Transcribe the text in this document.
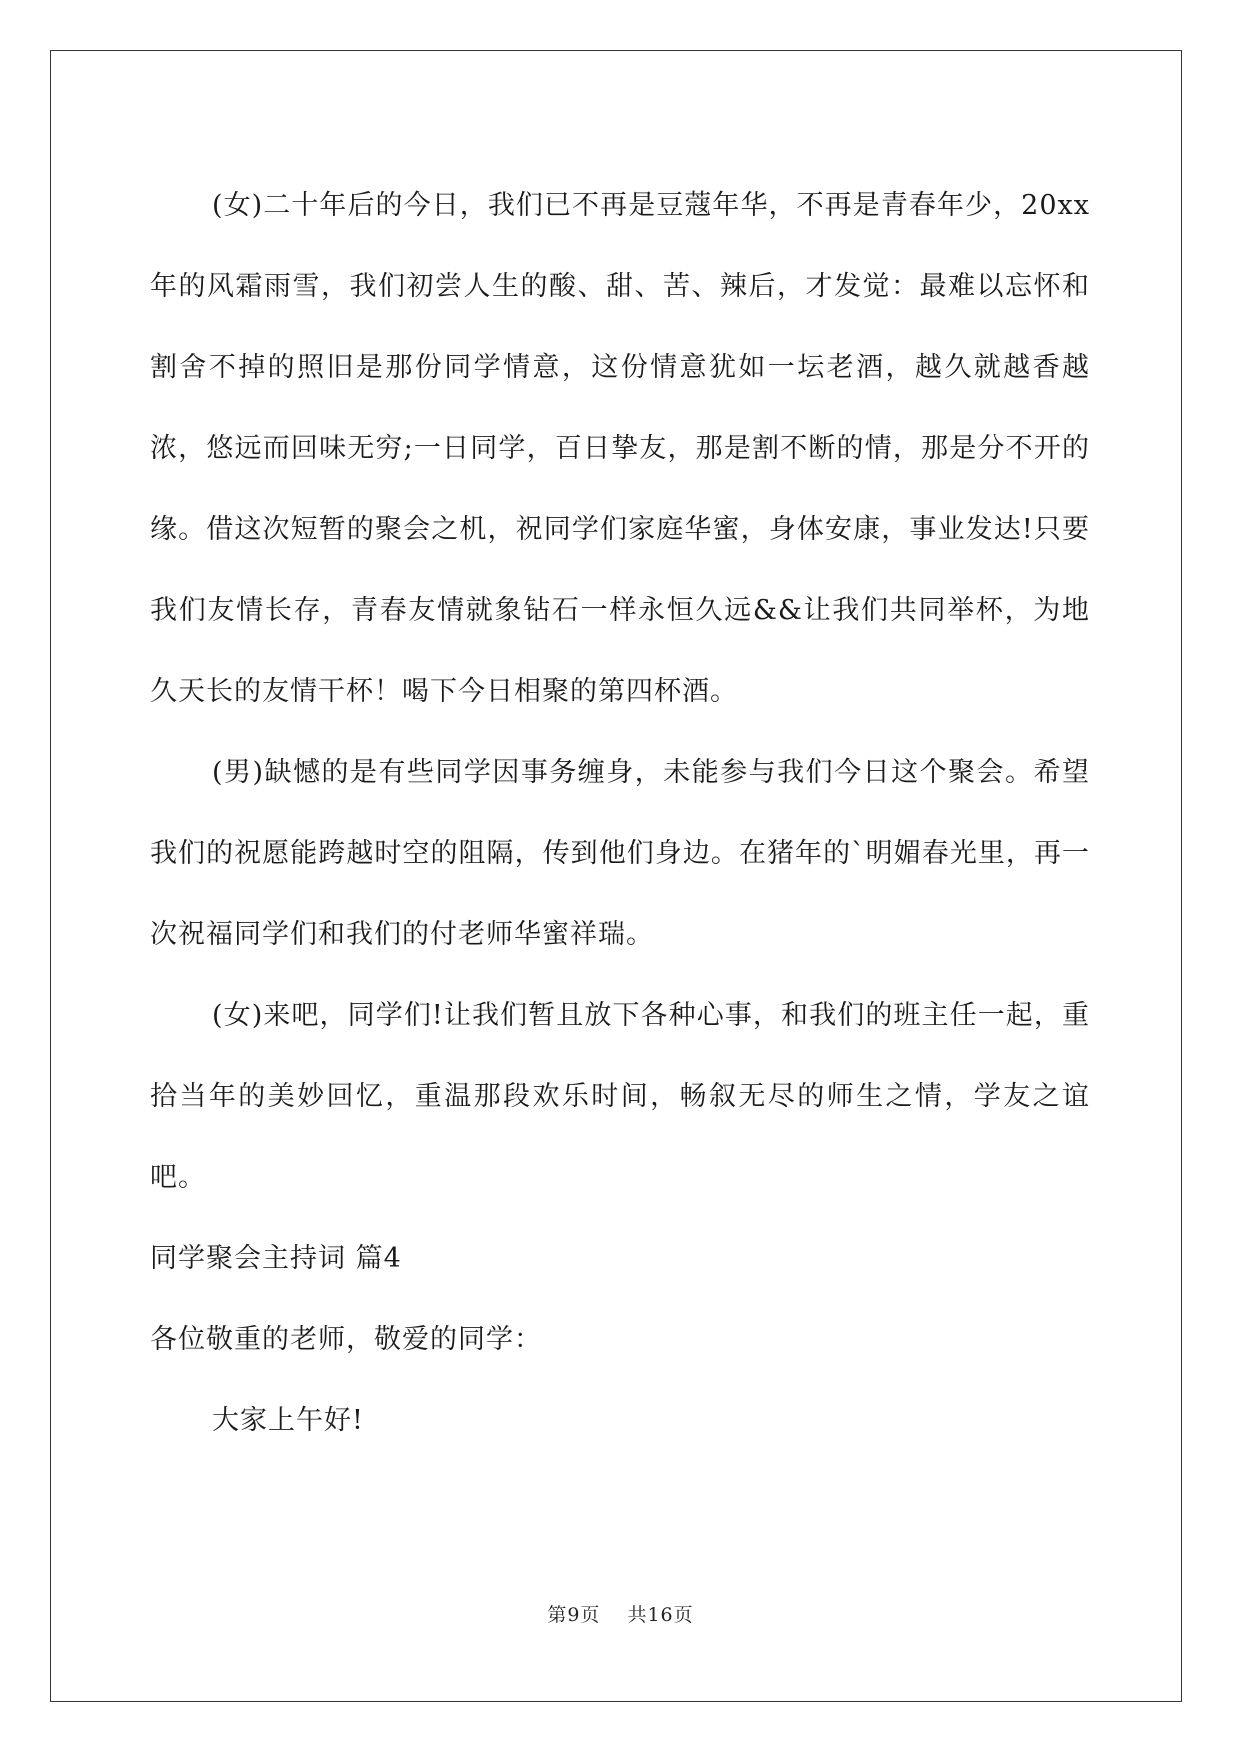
(女)二十年后的今日，我们已不再是豆蔻年华，不再是青春年少，20xx年的风霜雨雪，我们初尝人生的酸、甜、苦、辣后，才发觉：最难以忘怀和割舍不掉的照旧是那份同学情意，这份情意犹如一坛老酒，越久就越香越浓，悠远而回味无穷;一日同学，百日挚友，那是割不断的情，那是分不开的缘。借这次短暂的聚会之机，祝同学们家庭华蜜，身体安康，事业发达!只要我们友情长存，青春友情就象钻石一样永恒久远&&让我们共同举杯，为地久天长的友情干杯！喝下今日相聚的第四杯酒。

(男)缺憾的是有些同学因事务缠身，未能参与我们今日这个聚会。希望我们的祝愿能跨越时空的阻隔，传到他们身边。在猪年的`明媚春光里，再一次祝福同学们和我们的付老师华蜜祥瑞。

(女)来吧，同学们!让我们暂且放下各种心事，和我们的班主任一起，重拾当年的美妙回忆，重温那段欢乐时间，畅叙无尽的师生之情，学友之谊吧。

同学聚会主持词 篇4

各位敬重的老师，敬爱的同学：

大家上午好!

第9页 共16页
